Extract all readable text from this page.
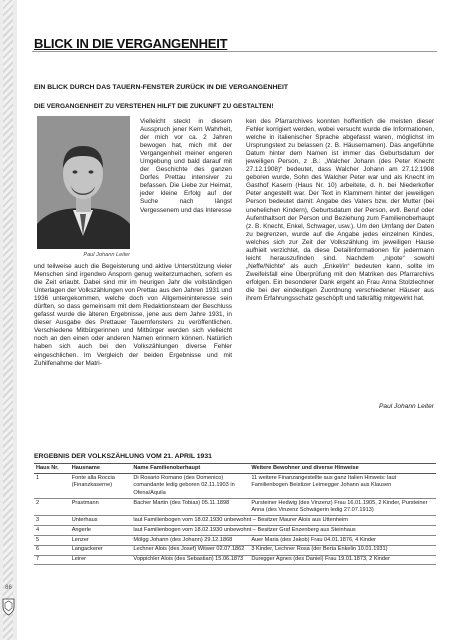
86
BLICK IN DIE VERGANGENHEIT
EIN BLICK DURCH DAS TAUERN-FENSTER ZURÜCK IN DIE VERGANGENHEIT
DIE VERGANGENHEIT ZU VERSTEHEN HILFT DIE ZUKUNFT ZU GESTALTEN!
Paul Johann Leiter
Vielleicht steckt in diesem Ausspruch jener Kern Wahrheit, der mich vor ca. 2 Jahren bewogen hat, mich mit der Vergangenheit meiner engeren Umgebung und bald darauf mit der Geschichte des ganzen Dorfes Prettau intensiver zu befassen. Die Liebe zur Heimat, jeder kleine Erfolg auf der Suche nach längst Vergessenem und das Interesse
und teilweise auch die Begeisterung und aktive Unterstützung vieler Menschen sind irgendwo Ansporn genug weiterzumachen, sofern es die Zeit erlaubt. Dabei sind mir im heurigen Jahr die vollständigen Unterlagen der Volkszählungen von Prettau aus den Jahren 1931 und 1936 untergekommen, welche doch von Allgemeininteresse sein dürften, so dass gemeinsam mit dem Redaktionsteam der Beschluss gefasst wurde die älteren Ergebnisse, jene aus dem Jahre 1931, in dieser Ausgabe des Prettauer Tauernfensters zu veröffentlichen. Verschiedene Mitbürgerinnen und Mitbürger werden sich vielleicht noch an den einen oder anderen Namen erinnern können. Natürlich haben sich auch bei den Volkszählungen diverse Fehler eingeschlichen. Im Vergleich der beiden Ergebnisse und mit Zuhilfenahme der Matri-
ken des Pfarrarchives konnten hoffentlich die meisten dieser Fehler korrigiert werden, wobei versucht wurde die Informationen, welche in italienischer Sprache abgefasst waren, möglichst im Ursprungstext zu belassen (z. B. Häusernamen). Das angeführte Datum hinter dem Namen ist immer das Geburtsdatum der jeweiligen Person, z .B.: „Walcher Johann (des Peter Knecht 27.12.1908)“ bedeutet, dass Walcher Johann am 27.12.1908 geboren wurde, Sohn des Walcher Peter war und als Knecht im Gasthof Kasern (Haus Nr. 10) arbeitete, d. h. bei Niederkofler Peter angestellt war. Der Text in Klammern hinter der jeweiligen Person bedeutet damit: Angabe des Vaters bzw. der Mutter (bei unehelichen Kindern), Geburtsdatum der Person, evtl. Beruf oder Aufenthaltsort der Person und Beziehung zum Familienoberhaupt (z. B. Knecht, Enkel, Schwager, usw.). Um den Umfang der Daten zu begrenzen, wurde auf die Angabe jedes einzelnen Kindes, welches sich zur Zeit der Volkszählung im jeweiligen Hause aufhielt verzichtet, da diese Detailinformationen für jedermann leicht herauszufinden sind. Nachdem „nipote“ sowohl „Neffe/Nichte“ als auch „Enkel/in“ bedeuten kann, sollte im Zweifelsfall eine Überprüfung mit den Matriken des Pfarrarchivs erfolgen. Ein besonderer Dank ergeht an Frau Anna Stolzlechner die bei der eindeutigen Zuordnung verschiedener Häuser aus ihrem Erfahrungsschatz geschöpft und tatkräftig mitgewirkt hat.
Paul Johann Leiter
ERGEBNIS DER VOLKSZÄHLUNG VOM 21. APRIL 1931
Haus Nr.	Hausname	Name Familienoberhaupt	Weitere Bewohner und diverse Hinweise
1	Fonte alla Roccia (Finanzkaserne)	Di Rosario Romano (des Domenico) comandante ledig geboren 02.11.1903 in Ofena/Aquila	11 weitere Finanzangestellte aus ganz Italien Hinweis: laut Familienbogen Beistizer Leimegger Johann aus Klausen
2	Prastmann	Bacher Martin (des Tobias) 05.11.1898	Pursteiner Hedwig (des Vinzenz) Frau 16.01.1905, 2 Kinder, Pursteiner Anna (des Vinzenz Schwägerin ledig 27.07.1913)
3	Unterhaus	laut Familienbogen vom 18.02.1930 unbewohnt – Besitzer Maurer Alois aus Uttenheim	
4	Angerle	laut Familienbogen vom 18.02.1930 unbewohnt – Besitzer Graf Enzenberg aus Steinhaus	
5	Lenzer	Mölgg Johann (des Johann) 29.12.1868	Auer Maria (des Jakob) Frau 04.01.1876, 4 Kinder
6	Langackerer	Lechner Alois (des Josef) Witwer 02.07.1862	3 Kinder, Lechner Rosa (der Berta Enkelin 10.01.1931)
7	Leirer	Voppichler Alois (des Sebastian) 15.06.1873	Duregger Agnes (des Daniel) Frau 19.01.1873, 2 Kinder
